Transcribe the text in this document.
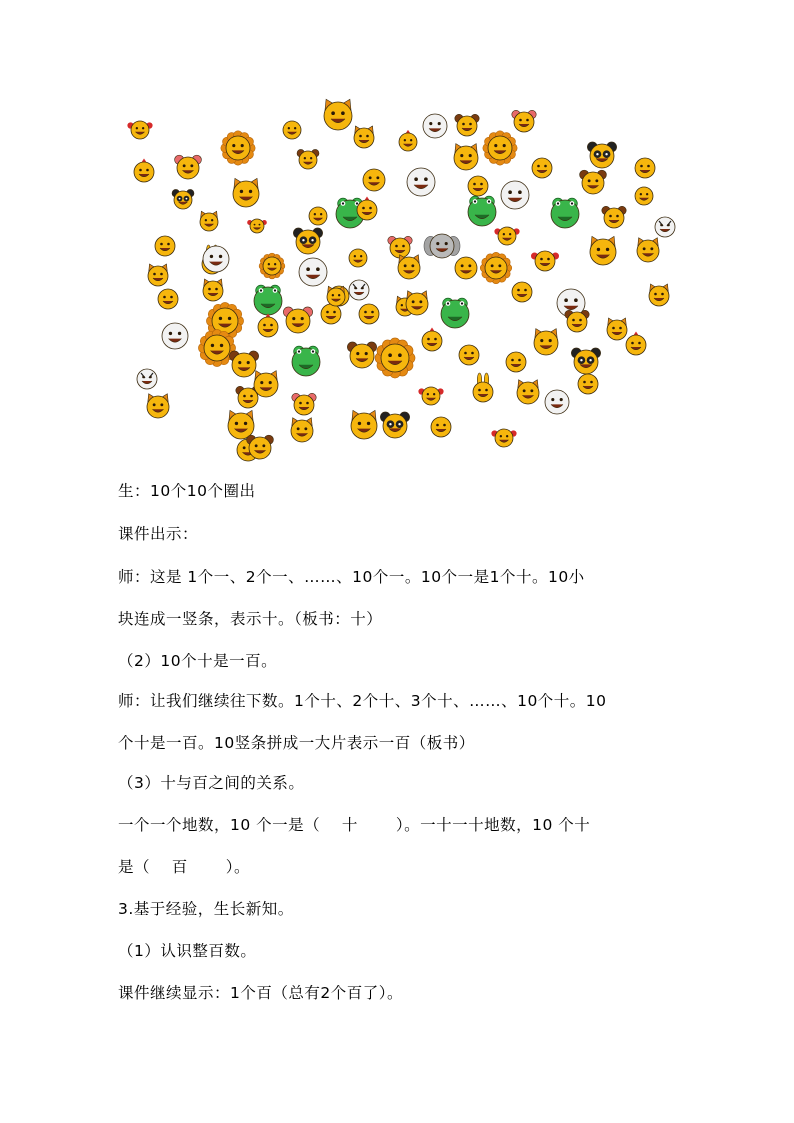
生：10个10个圈出
课件出示：
师：这是 1个一、2个一、……、10个一。10个一是1个十。10小
块连成一竖条，表示十。（板书：十）
（2）10个十是一百。
师：让我们继续往下数。1个十、2个十、3个十、……、10个十。10
个十是一百。10竖条拼成一大片表示一百（板书）
（3）十与百之间的关系。
一个一个地数，10 个一是（    十       ）。一十一十地数，10 个十
是（    百       ）。
3.基于经验，生长新知。
（1）认识整百数。
课件继续显示：1个百（总有2个百了）。
